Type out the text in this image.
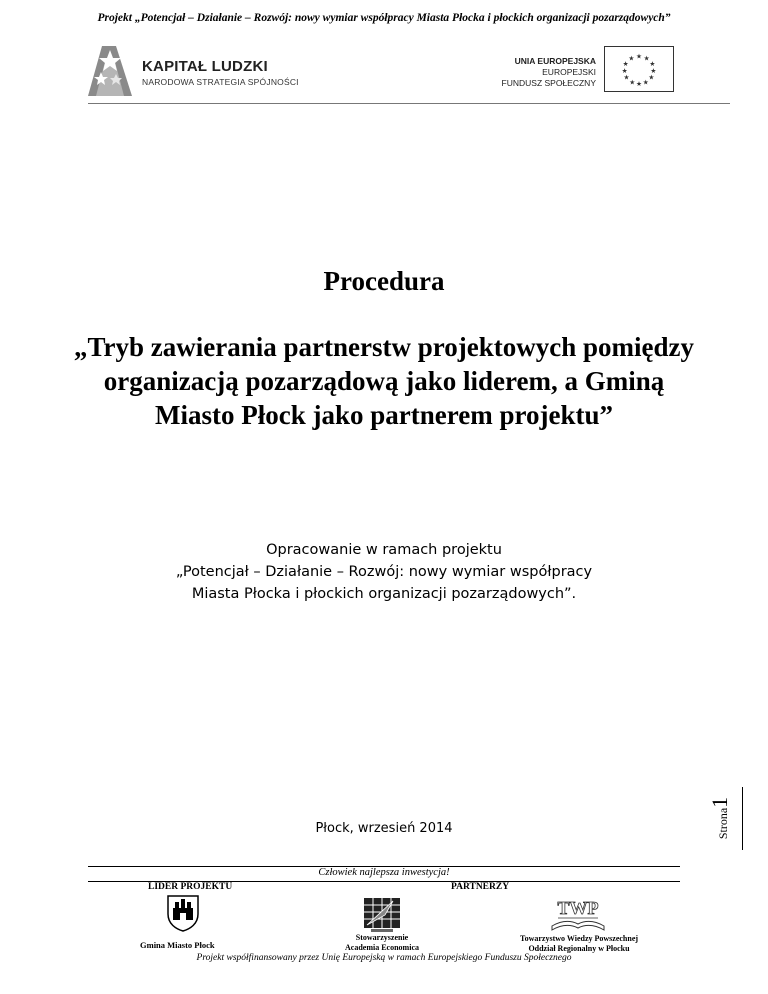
Projekt „Potencjał – Działanie – Rozwój: nowy wymiar współpracy Miasta Płocka i płockich organizacji pozarządowych”
KAPITAŁ LUDZKI
NARODOWA STRATEGIA SPÓJNOŚCI
UNIA EUROPEJSKA
EUROPEJSKI
FUNDUSZ SPOŁECZNY
★ ★
★
★
★
★
★
★
★
★
★
★
Procedura
„Tryb zawierania partnerstw projektowych pomiędzy organizacją pozarządową jako liderem, a Gminą Miasto Płock jako partnerem projektu”
Opracowanie w ramach projektu
„Potencjał – Działanie – Rozwój: nowy wymiar współpracy
Miasta Płocka i płockich organizacji pozarządowych”.
Płock, wrzesień 2014	Strona1
Człowiek najlepsza inwestycja!
LIDER PROJEKTU	PARTNERZY
Gmina Miasto Płock
Stowarzyszenie
Academia Economica
TWP
Towarzystwo Wiedzy Powszechnej
Oddział Regionalny w Płocku
Projekt współfinansowany przez Unię Europejską w ramach Europejskiego Funduszu Społecznego
